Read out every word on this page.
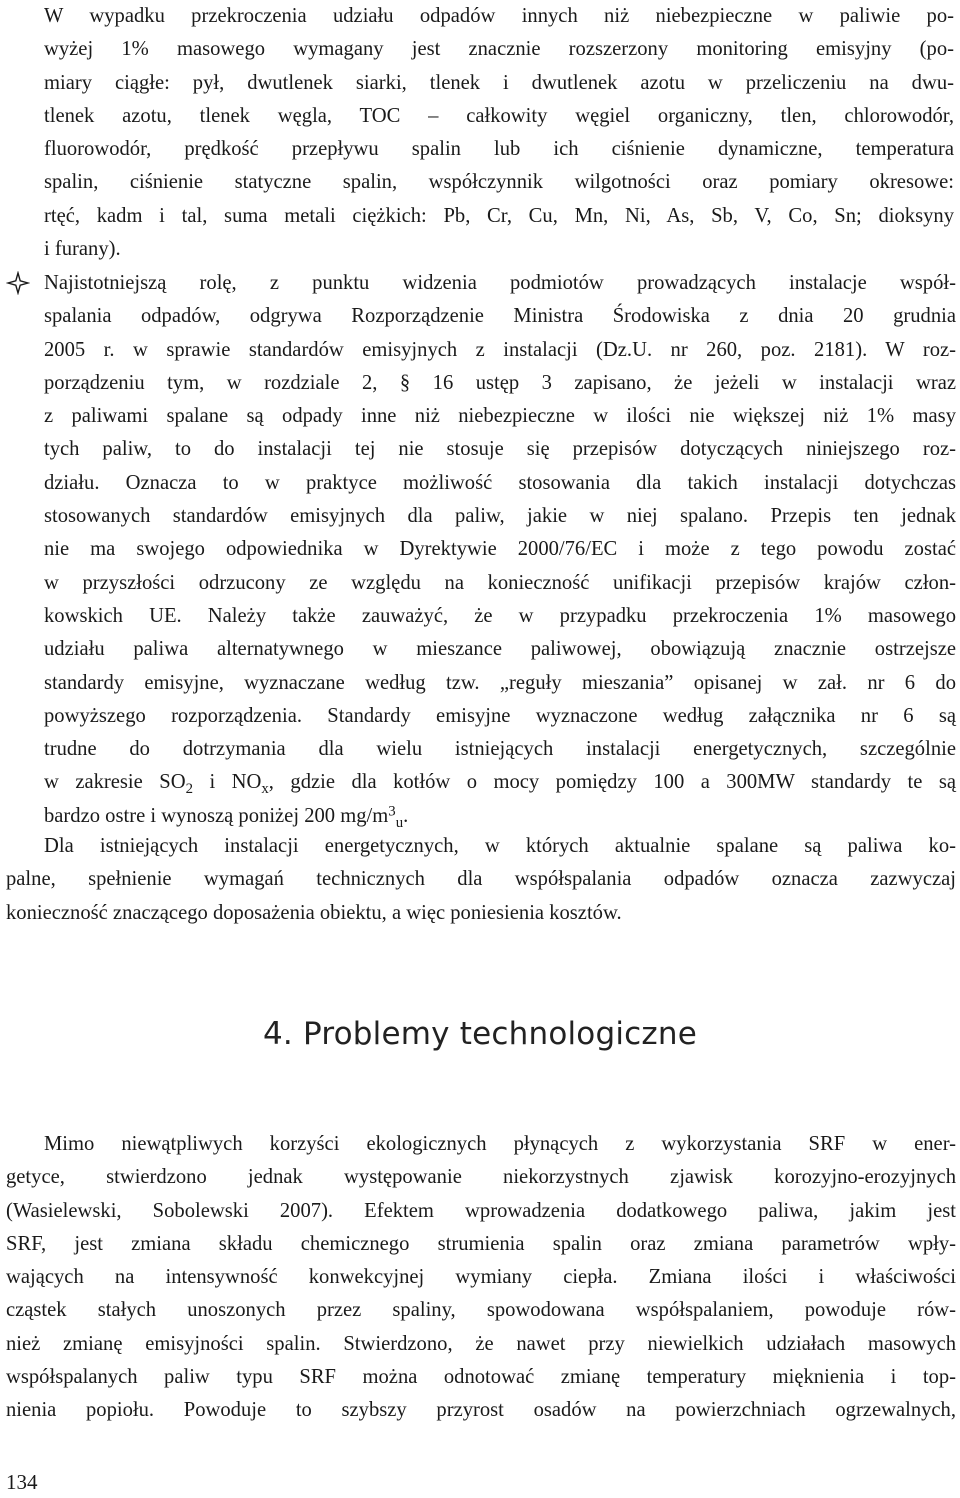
W wypadku przekroczenia udziału odpadów innych niż niebezpieczne w paliwie po-
wyżej 1% masowego wymagany jest znacznie rozszerzony monitoring emisyjny (po-
miary ciągłe: pył, dwutlenek siarki, tlenek i dwutlenek azotu w przeliczeniu na dwu-
tlenek azotu, tlenek węgla, TOC – całkowity węgiel organiczny, tlen, chlorowodór,
fluorowodór, prędkość przepływu spalin lub ich ciśnienie dynamiczne, temperatura
spalin, ciśnienie statyczne spalin, współczynnik wilgotności oraz pomiary okresowe:
rtęć, kadm i tal, suma metali ciężkich: Pb, Cr, Cu, Mn, Ni, As, Sb, V, Co, Sn; dioksyny
i furany).
Najistotniejszą rolę, z punktu widzenia podmiotów prowadzących instalacje współ-
spalania odpadów, odgrywa Rozporządzenie Ministra Środowiska z dnia 20 grudnia
2005 r. w sprawie standardów emisyjnych z instalacji (Dz.U. nr 260, poz. 2181). W roz-
porządzeniu tym, w rozdziale 2, § 16 ustęp 3 zapisano, że jeżeli w instalacji wraz
z paliwami spalane są odpady inne niż niebezpieczne w ilości nie większej niż 1% masy
tych paliw, to do instalacji tej nie stosuje się przepisów dotyczących niniejszego roz-
działu. Oznacza to w praktyce możliwość stosowania dla takich instalacji dotychczas
stosowanych standardów emisyjnych dla paliw, jakie w niej spalano. Przepis ten jednak
nie ma swojego odpowiednika w Dyrektywie 2000/76/EC i może z tego powodu zostać
w przyszłości odrzucony ze względu na konieczność unifikacji przepisów krajów człon-
kowskich UE. Należy także zauważyć, że w przypadku przekroczenia 1% masowego
udziału paliwa alternatywnego w mieszance paliwowej, obowiązują znacznie ostrzejsze
standardy emisyjne, wyznaczane według tzw. „reguły mieszania” opisanej w zał. nr 6 do
powyższego rozporządzenia. Standardy emisyjne wyznaczone według załącznika nr 6 są
trudne do dotrzymania dla wielu istniejących instalacji energetycznych, szczególnie
w zakresie $SO_2$ i $NO_x$, gdzie dla kotłów o mocy pomiędzy 100 a 300MW standardy te są
bardzo ostre i wynoszą poniżej 200 $mg/m^3_u$.
Dla istniejących instalacji energetycznych, w których aktualnie spalane są paliwa ko-
palne, spełnienie wymagań technicznych dla współspalania odpadów oznacza zazwyczaj
konieczność znaczącego doposażenia obiektu, a więc poniesienia kosztów.
4. Problemy technologiczne
Mimo niewątpliwych korzyści ekologicznych płynących z wykorzystania SRF w ener-
getyce, stwierdzono jednak występowanie niekorzystnych zjawisk korozyjno-erozyjnych
(Wasielewski, Sobolewski 2007). Efektem wprowadzenia dodatkowego paliwa, jakim jest
SRF, jest zmiana składu chemicznego strumienia spalin oraz zmiana parametrów wpły-
wających na intensywność konwekcyjnej wymiany ciepła. Zmiana ilości i właściwości
cząstek stałych unoszonych przez spaliny, spowodowana współspalaniem, powoduje rów-
nież zmianę emisyjności spalin. Stwierdzono, że nawet przy niewielkich udziałach masowych
współspalanych paliw typu SRF można odnotować zmianę temperatury mięknienia i top-
nienia popiołu. Powoduje to szybszy przyrost osadów na powierzchniach ogrzewalnych,
134
